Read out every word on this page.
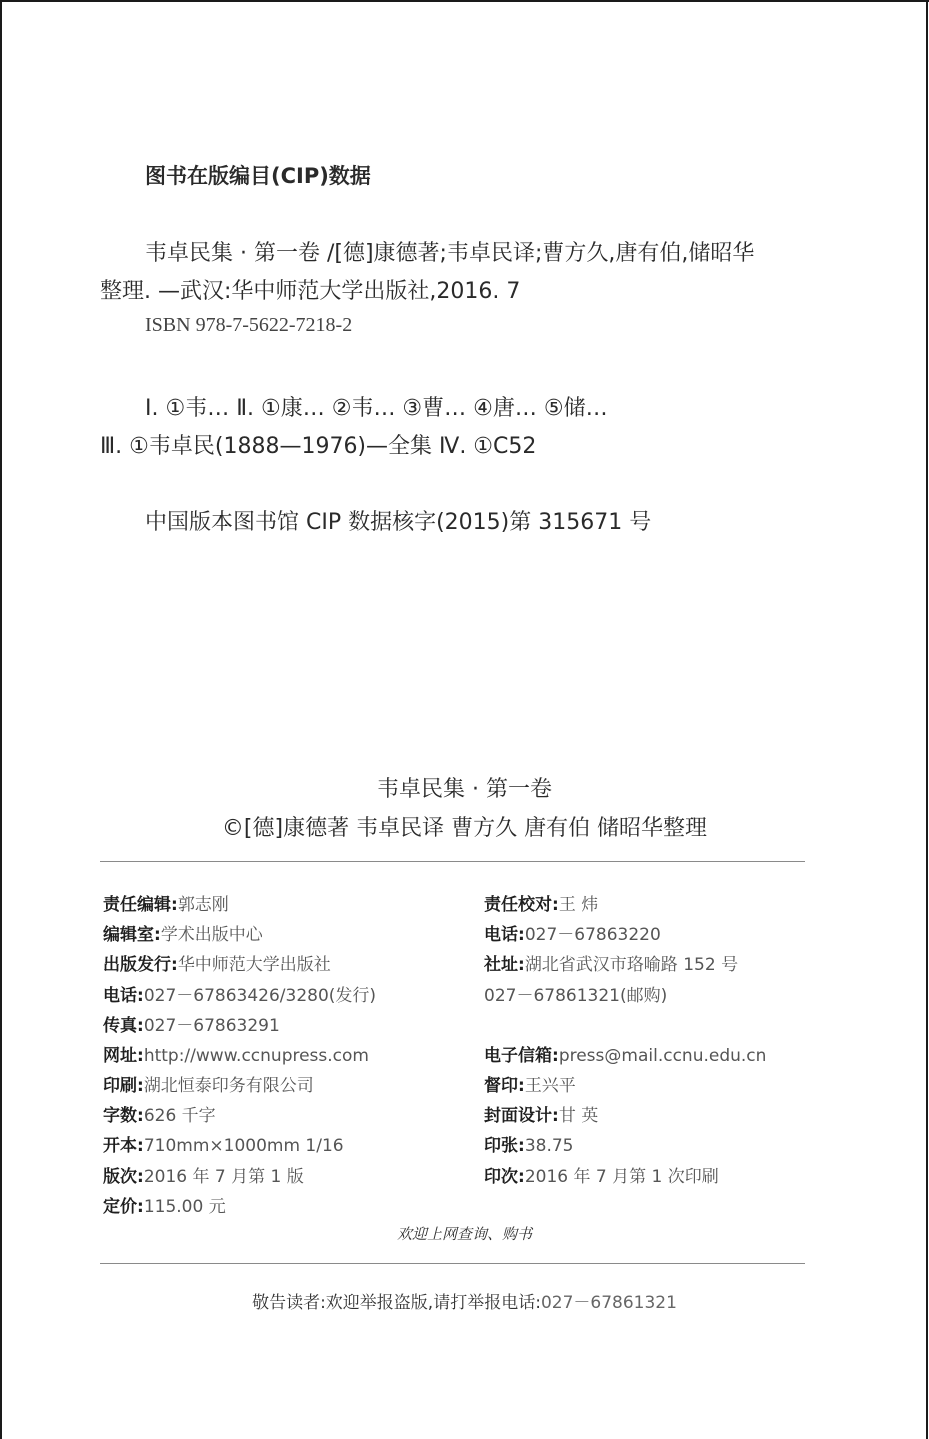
图书在版编目(CIP)数据
韦卓民集 · 第一卷 /[德]康德著;韦卓民译;曹方久,唐有伯,储昭华
整理. —武汉:华中师范大学出版社,2016. 7
ISBN 978-7-5622-7218-2
Ⅰ. ①韦… Ⅱ. ①康… ②韦… ③曹… ④唐… ⑤储…
Ⅲ. ①韦卓民(1888—1976)—全集 Ⅳ. ①C52
中国版本图书馆 CIP 数据核字(2015)第 315671 号
韦卓民集 · 第一卷
©[德]康德著 韦卓民译 曹方久 唐有伯 储昭华整理
责任编辑:郭志刚
编辑室:学术出版中心
出版发行:华中师范大学出版社
电话:027－67863426/3280(发行)
传真:027－67863291
网址:http://www.ccnupress.com
印刷:湖北恒泰印务有限公司
字数:626 千字
开本:710mm×1000mm 1/16
版次:2016 年 7 月第 1 版
定价:115.00 元
责任校对:王 炜
电话:027－67863220
社址:湖北省武汉市珞喻路 152 号
027－67861321(邮购)
电子信箱:press@mail.ccnu.edu.cn
督印:王兴平
封面设计:甘 英
印张:38.75
印次:2016 年 7 月第 1 次印刷
欢迎上网查询、购书
敬告读者:欢迎举报盗版,请打举报电话:027－67861321
